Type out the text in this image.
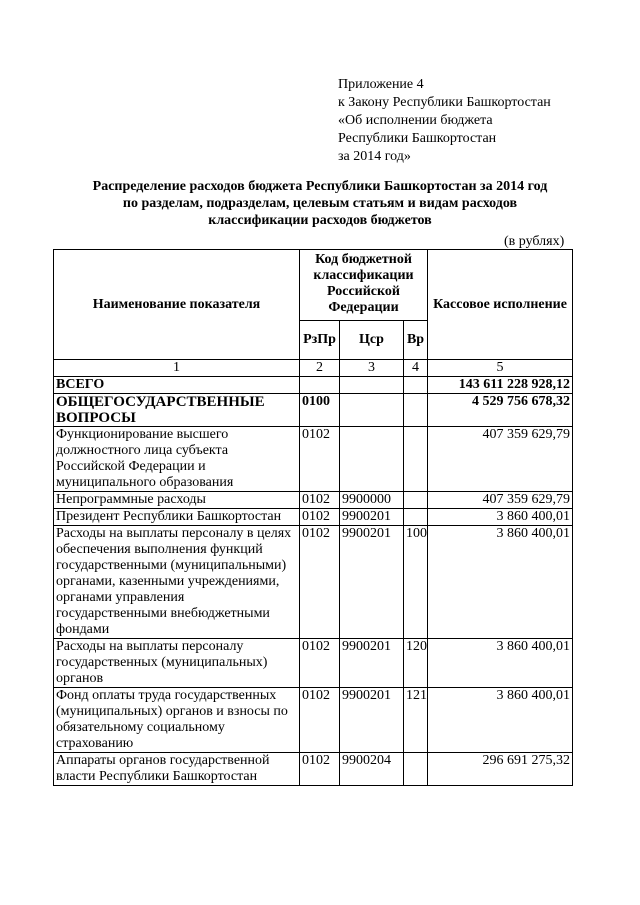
Приложение 4
к Закону Республики Башкортостан
«Об исполнении бюджета
Республики Башкортостан
за 2014 год»
Распределение расходов бюджета Республики Башкортостан за 2014 год
по разделам, подразделам, целевым статьям и видам расходов
классификации расходов бюджетов
(в рублях)
Наименование показателя	Код бюджетной классификации Российской Федерации			Кассовое исполнение
	РзПр	Цср	Вр	
1	2	3	4	5
ВСЕГО				143 611 228 928,12
ОБЩЕГОСУДАРСТВЕННЫЕ ВОПРОСЫ	0100			4 529 756 678,32
Функционирование высшего должностного лица субъекта Российской Федерации и муниципального образования	0102			407 359 629,79
Непрограммные расходы	0102	9900000		407 359 629,79
Президент Республики Башкортостан	0102	9900201		3 860 400,01
Расходы на выплаты персоналу в целях обеспечения выполнения функций государственными (муниципальными) органами, казенными учреждениями, органами управления государственными внебюджетными фондами	0102	9900201	100	3 860 400,01
Расходы на выплаты персоналу государственных (муниципальных) органов	0102	9900201	120	3 860 400,01
Фонд оплаты труда государственных (муниципальных) органов и взносы по обязательному социальному страхованию	0102	9900201	121	3 860 400,01
Аппараты органов государственной власти Республики Башкортостан	0102	9900204		296 691 275,32
